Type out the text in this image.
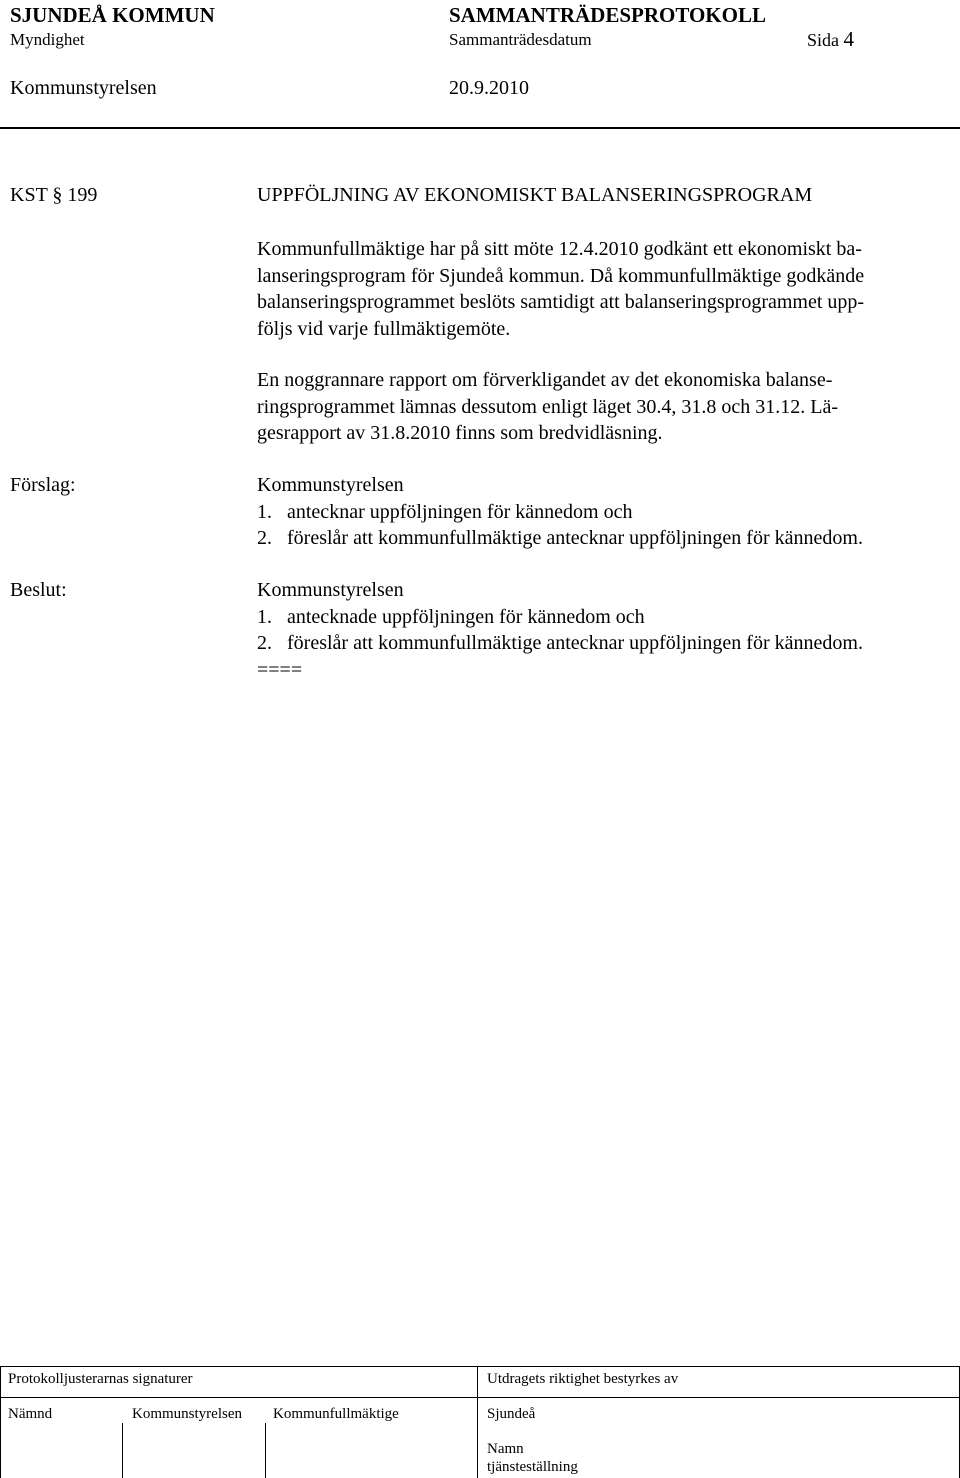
SJUNDEÅ KOMMUN	SAMMANTRÄDESPROTOKOLL
Myndighet	Sammanträdesdatum	Sida 4
Kommunstyrelsen	20.9.2010
KST § 199	UPPFÖLJNING AV EKONOMISKT BALANSERINGSPROGRAM
Kommunfullmäktige har på sitt möte 12.4.2010 godkänt ett ekonomiskt ba-
lanseringsprogram för Sjundeå kommun. Då kommunfullmäktige godkände
balanseringsprogrammet beslöts samtidigt att balanseringsprogrammet upp-
följs vid varje fullmäktigemöte.
En noggrannare rapport om förverkligandet av det ekonomiska balanse-
ringsprogrammet lämnas dessutom enligt läget 30.4, 31.8 och 31.12. Lä-
gesrapport av 31.8.2010 finns som bredvidläsning.
Förslag:	Kommunstyrelsen
1. antecknar uppföljningen för kännedom och
2. föreslår att kommunfullmäktige antecknar uppföljningen för kännedom.
Beslut:	Kommunstyrelsen
1. antecknade uppföljningen för kännedom och
2. föreslår att kommunfullmäktige antecknar uppföljningen för kännedom.
====
Protokolljusterarnas signaturer	Utdragets riktighet bestyrkes av
Nämnd	Kommunstyrelsen Kommunfullmäktige	Sjundeå
Namn
tjänsteställning
